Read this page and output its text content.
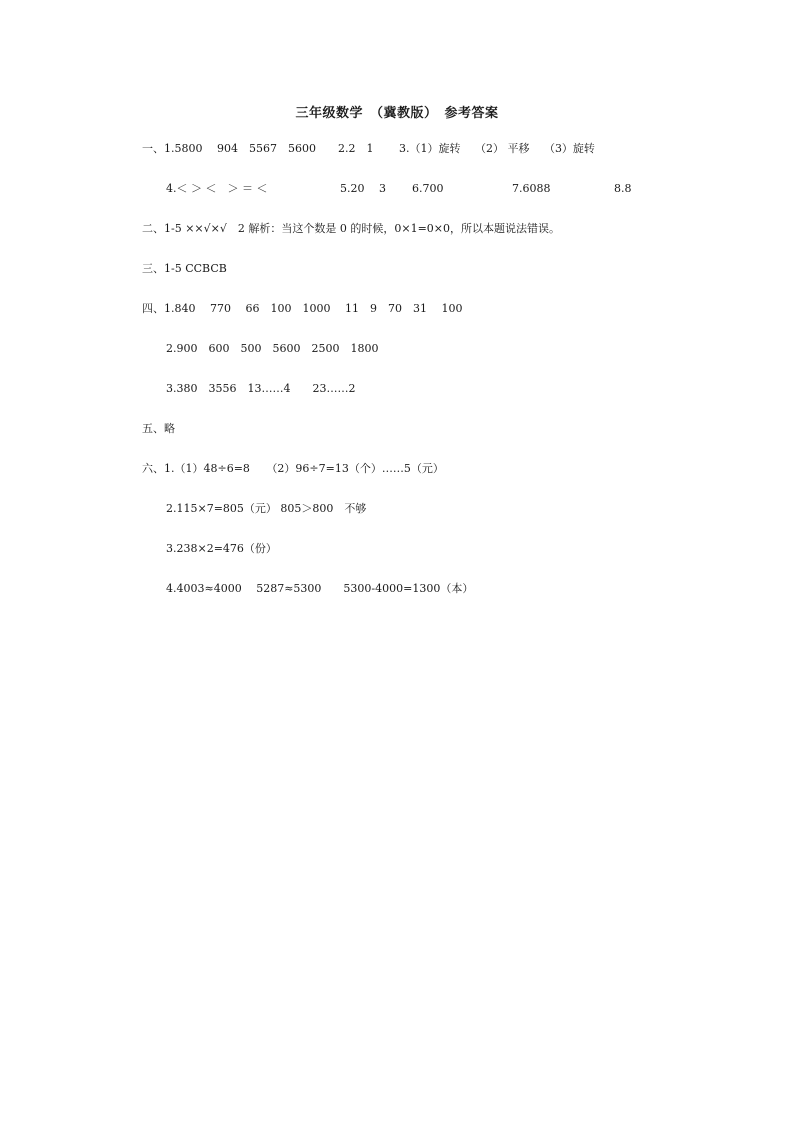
三年级数学　（冀教版）　参考答案
一、1.5800　 904　5567　5600　　2.2　1　　 3.（1）旋转　 （2） 平移　 （3）旋转

4.＜ ＞ ＜　＞ ＝ ＜

	5.20　 3

6.700

	7.6088

	8.8

二、1-5 ××√×√　2 解析：当这个数是 0 的时候，0×1=0×0，所以本题说法错误。
三、1-5 CCBCB
四、1.840　 770　 66　100　1000　 11　9　70　31　 100
2.900　600　500　5600　2500　1800
3.380　3556　13……4　　23……2
五、略
六、1.（1）48÷6=8　　（2）96÷7=13（个）……5（元）
2.115×7=805（元） 805＞800　不够
3.238×2=476（份）
4.4003≈4000　 5287≈5300　　5300-4000=1300（本）
